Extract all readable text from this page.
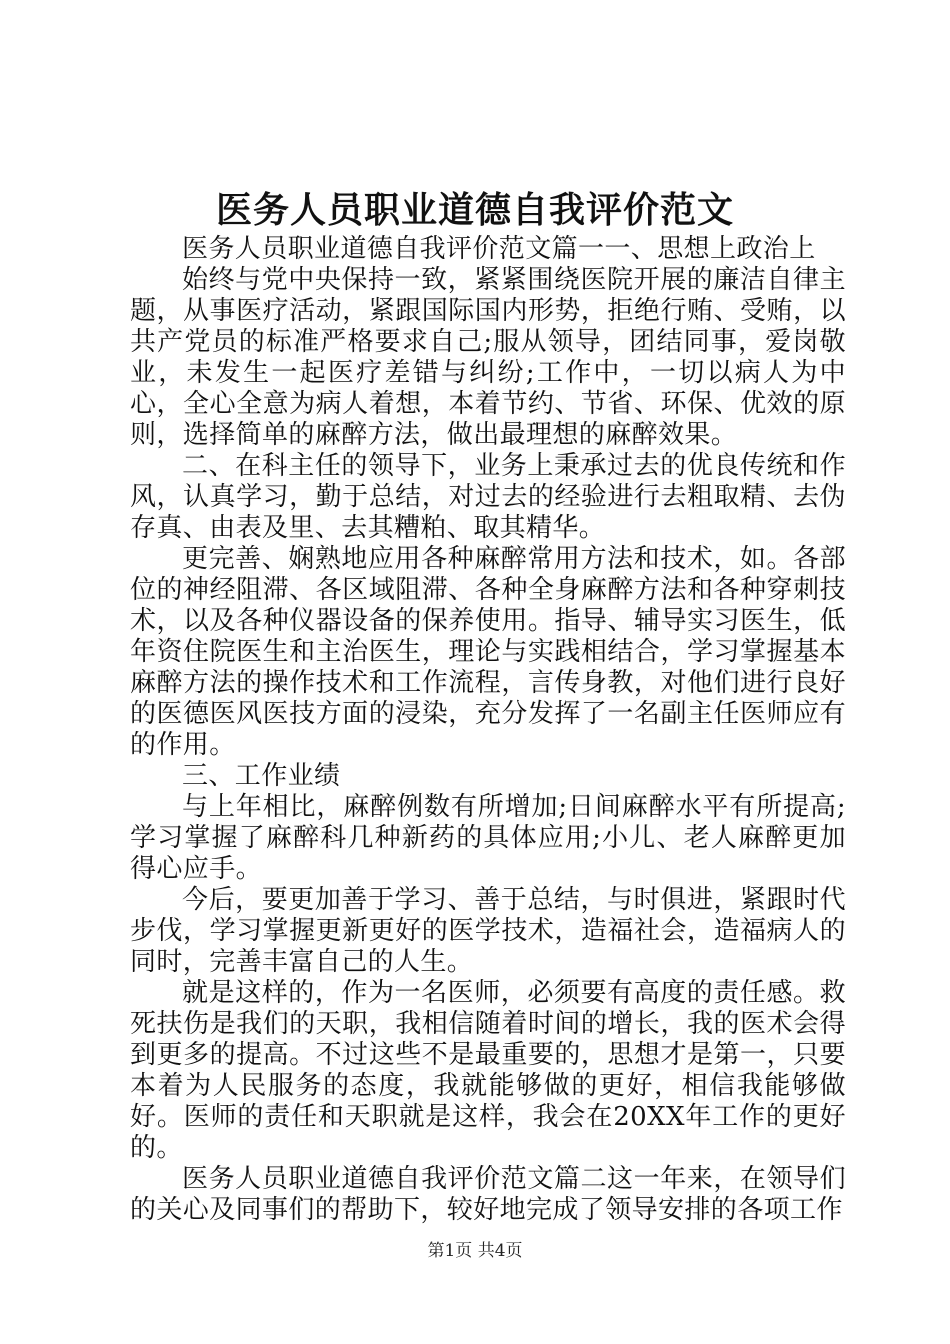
医务人员职业道德自我评价范文

医务人员职业道德自我评价范文篇一一、思想上政治上

始终与党中央保持一致，紧紧围绕医院开展的廉洁自律主题，从事医疗活动，紧跟国际国内形势，拒绝行贿、受贿，以共产党员的标准严格要求自己;服从领导，团结同事，爱岗敬业，未发生一起医疗差错与纠纷;工作中，一切以病人为中心，全心全意为病人着想，本着节约、节省、环保、优效的原则，选择简单的麻醉方法，做出最理想的麻醉效果。

二、在科主任的领导下，业务上秉承过去的优良传统和作风，认真学习，勤于总结，对过去的经验进行去粗取精、去伪存真、由表及里、去其糟粕、取其精华。

更完善、娴熟地应用各种麻醉常用方法和技术，如。各部位的神经阻滞、各区域阻滞、各种全身麻醉方法和各种穿刺技术，以及各种仪器设备的保养使用。指导、辅导实习医生，低年资住院医生和主治医生，理论与实践相结合，学习掌握基本麻醉方法的操作技术和工作流程，言传身教，对他们进行良好的医德医风医技方面的浸染，充分发挥了一名副主任医师应有的作用。

三、工作业绩

与上年相比，麻醉例数有所增加;日间麻醉水平有所提高;学习掌握了麻醉科几种新药的具体应用;小儿、老人麻醉更加得心应手。

今后，要更加善于学习、善于总结，与时俱进，紧跟时代步伐，学习掌握更新更好的医学技术，造福社会，造福病人的同时，完善丰富自己的人生。

就是这样的，作为一名医师，必须要有高度的责任感。救死扶伤是我们的天职，我相信随着时间的增长，我的医术会得到更多的提高。不过这些不是最重要的，思想才是第一，只要本着为人民服务的态度，我就能够做的更好，相信我能够做好。医师的责任和天职就是这样，我会在20XX年工作的更好的。

医务人员职业道德自我评价范文篇二这一年来，在领导们的关心及同事们的帮助下，较好地完成了领导安排的各项工作

第1页 共4页
